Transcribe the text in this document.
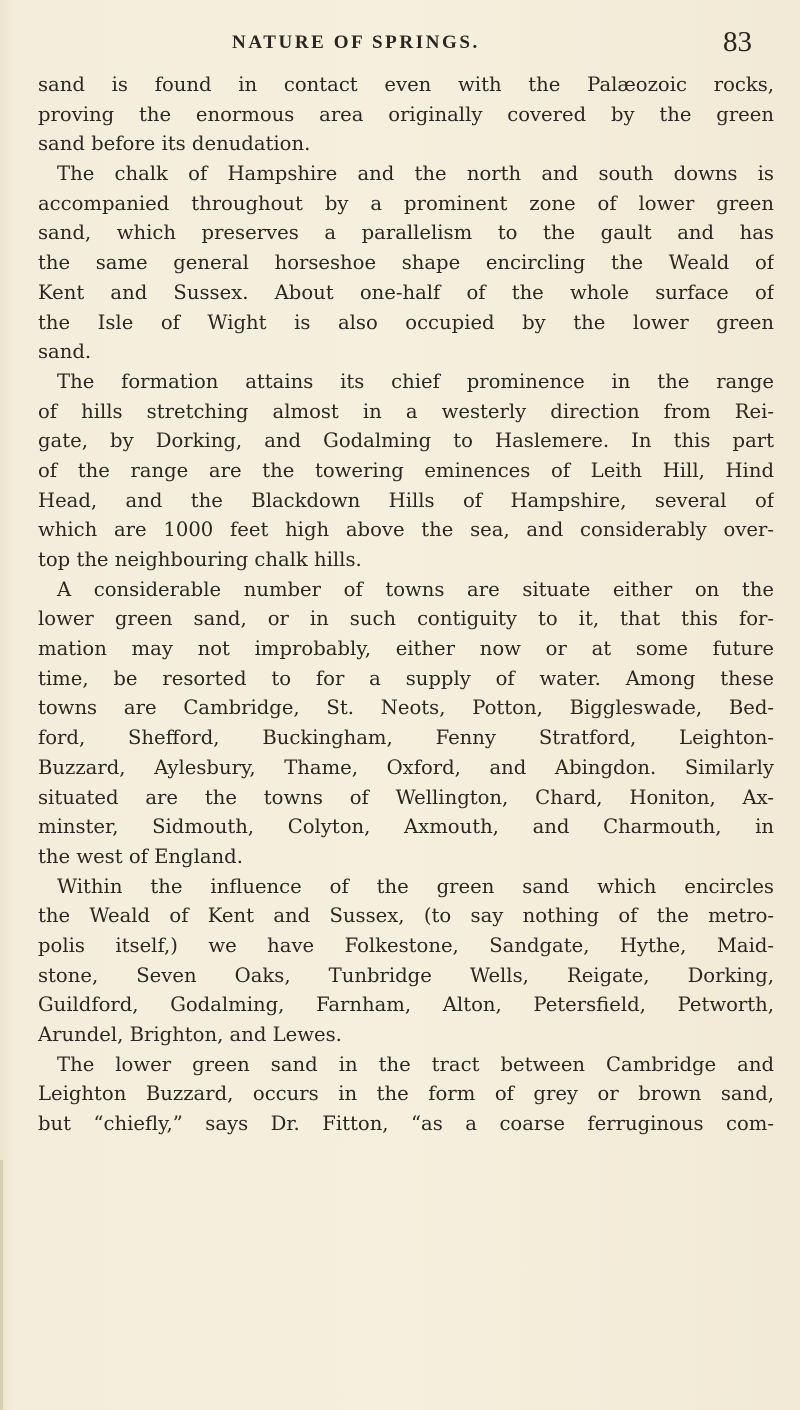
NATURE OF SPRINGS.	83
sand is found in contact even with the Palæozoic rocks,
proving the enormous area originally covered by the green
sand before its denudation.
The chalk of Hampshire and the north and south downs is
accompanied throughout by a prominent zone of lower green
sand, which preserves a parallelism to the gault and has
the same general horseshoe shape encircling the Weald of
Kent and Sussex. About one-half of the whole surface of
the Isle of Wight is also occupied by the lower green
sand.
The formation attains its chief prominence in the range
of hills stretching almost in a westerly direction from Rei-
gate, by Dorking, and Godalming to Haslemere. In this part
of the range are the towering eminences of Leith Hill, Hind
Head, and the Blackdown Hills of Hampshire, several of
which are 1000 feet high above the sea, and considerably over-
top the neighbouring chalk hills.
A considerable number of towns are situate either on the
lower green sand, or in such contiguity to it, that this for-
mation may not improbably, either now or at some future
time, be resorted to for a supply of water. Among these
towns are Cambridge, St. Neots, Potton, Biggleswade, Bed-
ford, Shefford, Buckingham, Fenny Stratford, Leighton-
Buzzard, Aylesbury, Thame, Oxford, and Abingdon. Similarly
situated are the towns of Wellington, Chard, Honiton, Ax-
minster, Sidmouth, Colyton, Axmouth, and Charmouth, in
the west of England.
Within the influence of the green sand which encircles
the Weald of Kent and Sussex, (to say nothing of the metro-
polis itself,) we have Folkestone, Sandgate, Hythe, Maid-
stone, Seven Oaks, Tunbridge Wells, Reigate, Dorking,
Guildford, Godalming, Farnham, Alton, Petersfield, Petworth,
Arundel, Brighton, and Lewes.
The lower green sand in the tract between Cambridge and
Leighton Buzzard, occurs in the form of grey or brown sand,
but “chiefly,” says Dr. Fitton, “as a coarse ferruginous com-
